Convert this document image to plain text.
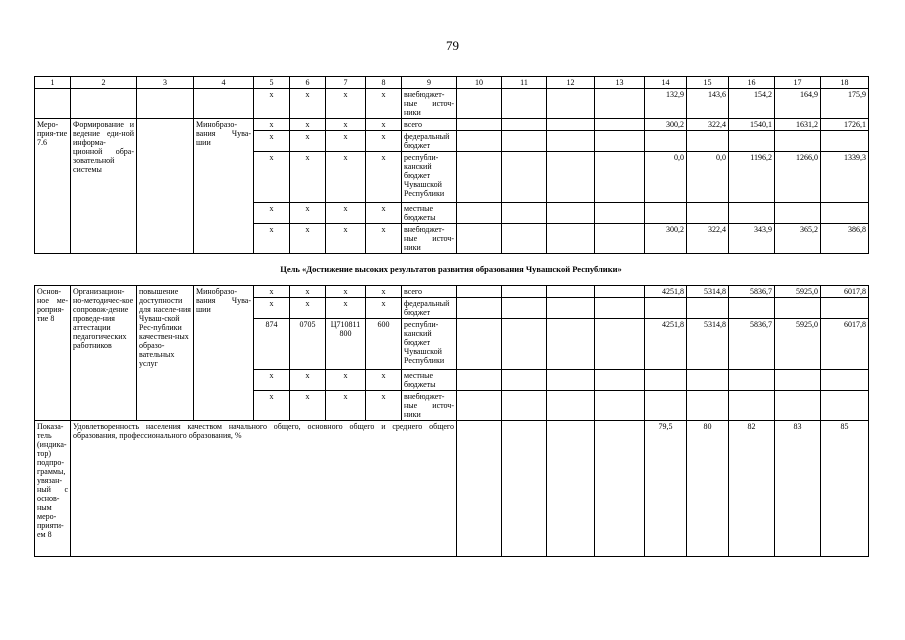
79
1	2	3	4	5	6	7	8	9	10	11	12	13	14	15	16	17	18
				x	x	x	x	внебюджет-ные источ-ники					132,9	143,6	154,2	164,9	175,9
Меро-прия-тие 7.6	Формирование и ведение еди-ной информа-ционной обра-зовательной системы		Минобразо-вания Чува-шии	x	x	x	x	всего					300,2	322,4	1540,1	1631,2	1726,1
				x	x	x	x	федеральный бюджет									
				x	x	x	x	республи-канский бюджет Чувашской Республики					0,0	0,0	1196,2	1266,0	1339,3
				x	x	x	x	местные бюджеты									
				x	x	x	x	внебюджет-ные источ-ники					300,2	322,4	343,9	365,2	386,8
Цель «Достижение высоких результатов развития образования Чувашской Республики»
Основ-ное ме-роприя-тие 8	Организацион-но-методичес-кое сопровож-дение проведе-ния аттестации педагогических работников	повышение доступности для населе-ния Чуваш-ской Рес-публики качествен-ных образо-вательных услуг	Минобразо-вания Чува-шии	x	x	x	x	всего					4251,8	5314,8	5836,7	5925,0	6017,8
				x	x	x	x	федеральный бюджет									
				874	0705	Ц710811 800	600	республи-канский бюджет Чувашской Республики					4251,8	5314,8	5836,7	5925,0	6017,8
				x	x	x	x	местные бюджеты									
				x	x	x	x	внебюджет-ные источ-ники									
Показа-тель (индика-тор) подпро-граммы, увязан-ный с основ-ным меро-прияти-ем 8	Удовлетворенность населения качеством начального общего, основного общего и среднего общего образования, профессионального образования, %												79,5	80	82	83	85
